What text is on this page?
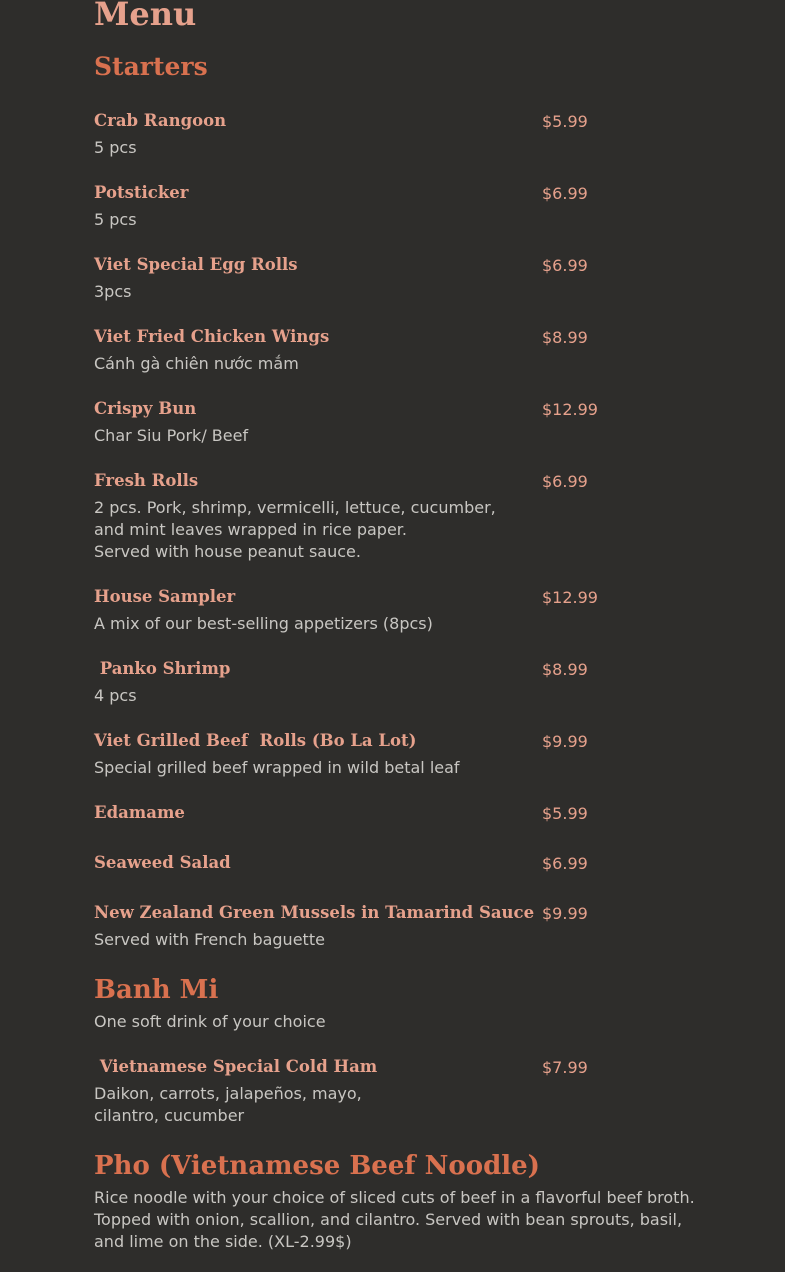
Menu
Starters

Crab Rangoon	$5.99

5 pcs

Potsticker	$6.99

5 pcs

Viet Special Egg Rolls	$6.99

3pcs

Viet Fried Chicken Wings	$8.99

Cánh gà chiên nước mắm

Crispy Bun	$12.99

Char Siu Pork/ Beef

Fresh Rolls	$6.99

2 pcs. Pork, shrimp, vermicelli, lettuce, cucumber,
and mint leaves wrapped in rice paper.
Served with house peanut sauce.

House Sampler	$12.99

A mix of our best-selling appetizers (8pcs)

Panko Shrimp	$8.99

4 pcs

Viet Grilled Beef  Rolls (Bo La Lot)	$9.99

Special grilled beef wrapped in wild betal leaf

Edamame	$5.99

Seaweed Salad	$6.99

New Zealand Green Mussels in Tamarind Sauce $9.99

Served with French baguette

Banh Mi

One soft drink of your choice

Vietnamese Special Cold Ham	$7.99

Daikon, carrots, jalapeños, mayo,
cilantro, cucumber

Pho (Vietnamese Beef Noodle)

Rice noodle with your choice of sliced cuts of beef in a flavorful beef broth.
Topped with onion, scallion, and cilantro. Served with bean sprouts, basil,
and lime on the side. (XL-2.99$)
